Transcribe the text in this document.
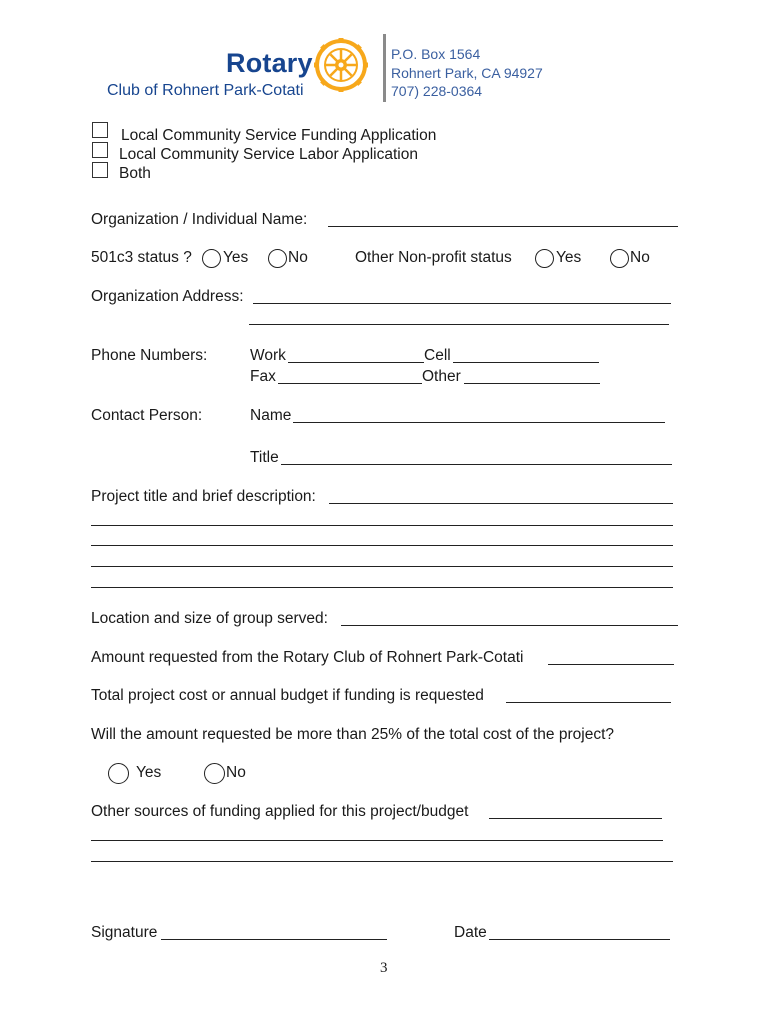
Rotary
Club of Rohnert Park-Cotati
P.O. Box 1564
Rohnert Park, CA 94927
707) 228-0364
Local Community Service Funding Application
Local Community Service Labor Application
Both
Organization / Individual Name:
501c3 status ? Yes	No	Other Non-profit status	Yes	No
Organization Address:
Phone Numbers:	Work	Cell
Fax	Other
Contact Person:	Name
Title
Project title and brief description:
Location and size of group served:
Amount requested from the Rotary Club of Rohnert Park-Cotati
Total project cost or annual budget if funding is requested
Will the amount requested be more than 25% of the total cost of the project?
Yes	No
Other sources of funding applied for this project/budget
Signature	Date
3
